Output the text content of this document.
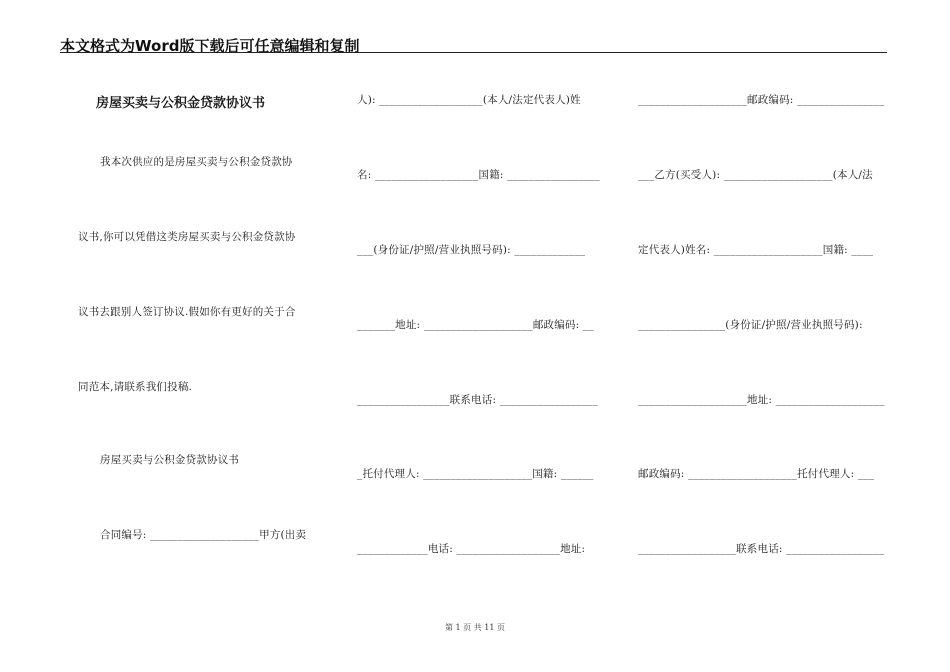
本文格式为Word版下载后可任意编辑和复制
房屋买卖与公积金贷款协议书
我本次供应的是房屋买卖与公积金贷款协
议书,你可以凭借这类房屋买卖与公积金贷款协
议书去跟别人签订协议.假如你有更好的关于合
同范本,请联系我们投稿.
房屋买卖与公积金贷款协议书
合同编号: ____________________甲方(出卖
人): ___________________(本人/法定代表人)姓
名: ___________________国籍: _________________
___(身份证/护照/营业执照号码): _____________
_______地址: ____________________邮政编码: __
_________________联系电话: __________________
_托付代理人: ____________________国籍: ______
_____________电话: ___________________地址:
____________________邮政编码: ________________
___乙方(买受人): ____________________(本人/法
定代表人)姓名: ____________________国籍: ____
________________(身份证/护照/营业执照号码):
____________________地址: ____________________
邮政编码: ____________________托付代理人: ___
__________________联系电话: __________________
第 1 页 共 11 页
